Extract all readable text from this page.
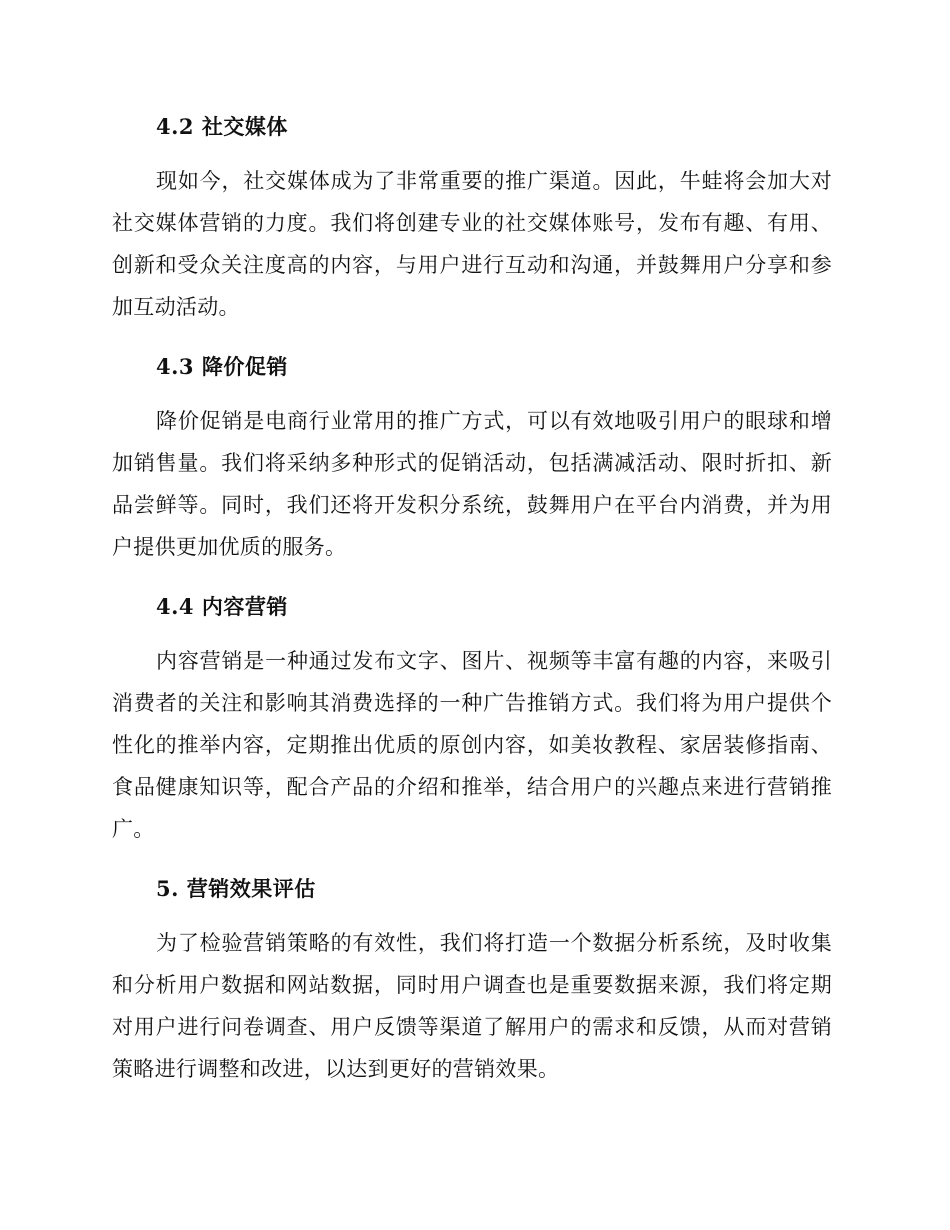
4.2 社交媒体

现如今，社交媒体成为了非常重要的推广渠道。因此，牛蛙将会加大对社交媒体营销的力度。我们将创建专业的社交媒体账号，发布有趣、有用、创新和受众关注度高的内容，与用户进行互动和沟通，并鼓舞用户分享和参加互动活动。

4.3 降价促销

降价促销是电商行业常用的推广方式，可以有效地吸引用户的眼球和增加销售量。我们将采纳多种形式的促销活动，包括满减活动、限时折扣、新品尝鲜等。同时，我们还将开发积分系统，鼓舞用户在平台内消费，并为用户提供更加优质的服务。

4.4 内容营销

内容营销是一种通过发布文字、图片、视频等丰富有趣的内容，来吸引消费者的关注和影响其消费选择的一种广告推销方式。我们将为用户提供个性化的推举内容，定期推出优质的原创内容，如美妆教程、家居装修指南、食品健康知识等，配合产品的介绍和推举，结合用户的兴趣点来进行营销推广。

5. 营销效果评估

为了检验营销策略的有效性，我们将打造一个数据分析系统，及时收集和分析用户数据和网站数据，同时用户调查也是重要数据来源，我们将定期对用户进行问卷调查、用户反馈等渠道了解用户的需求和反馈，从而对营销策略进行调整和改进，以达到更好的营销效果。
